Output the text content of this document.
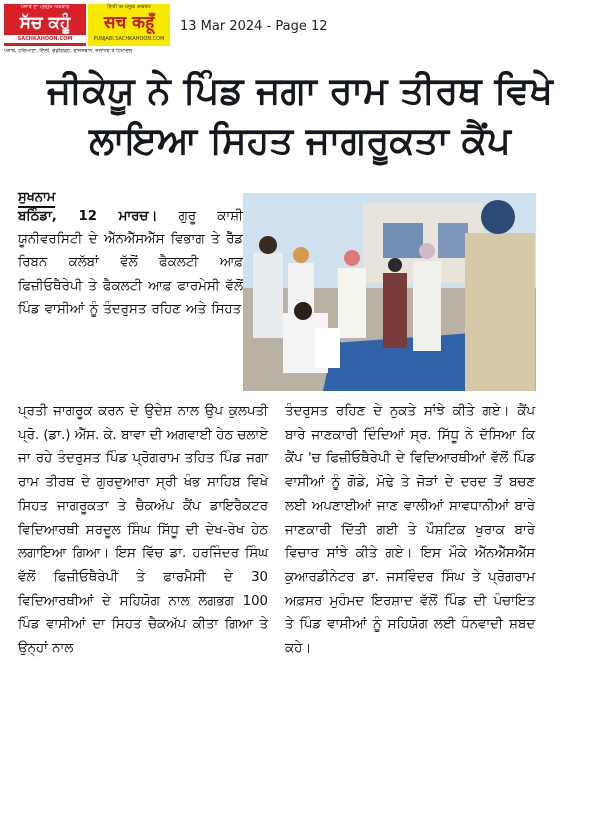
ਪੰਜਾਬ ਦਾ ਪ੍ਰਮੁੱਖ ਅਖ਼ਬਾਰ
ਸੱਚ ਕਹੂੰ
SACHKAHOON.COM
हिन्दी का प्रमुख अखबार
सच कहूँ
PUNJABI.SACHKAHOON.COM
ਪੰਜਾਬ, ਹਰਿਆਣਾ, ਦਿੱਲੀ, ਚੰਡੀਗੜ੍ਹ, ਰਾਜਸਥਾਨ, ਜਲਾਂਧਰ ਤੇ ਹਿਮਾਚਲ
13 Mar 2024 - Page 12
ਜੀਕੇਯੂ ਨੇ ਪਿੰਡ ਜਗਾ ਰਾਮ ਤੀਰਥ ਵਿਖੇ
ਲਾਇਆ ਸਿਹਤ ਜਾਗਰੂਕਤਾ ਕੈਂਪ
ਸੁਖਨਾਮ

ਬਠਿੰਡਾ, 12 ਮਾਰਚ। ਗੁਰੂ ਕਾਸ਼ੀ ਯੂਨੀਵਰਸਿਟੀ ਦੇ ਐੱਨਐੱਸਐੱਸ ਵਿਭਾਗ ਤੇ ਰੈੱਡ ਰਿਬਨ ਕਲੱਬਾਂ ਵੱਲੋਂ ਫੈਕਲਟੀ ਆਫ਼ ਫਿਜ਼ੀਓਥੈਰੇਪੀ ਤੇ ਫੈਕਲਟੀ ਆਫ਼ ਫਾਰਮੇਸੀ ਵੱਲੋਂ ਪਿੰਡ ਵਾਸੀਆਂ ਨੂੰ ਤੰਦਰੁਸਤ ਰਹਿਣ ਅਤੇ ਸਿਹਤ

ਪ੍ਰਤੀ ਜਾਗਰੂਕ ਕਰਨ ਦੇ ਉਦੇਸ਼ ਨਾਲ ਉਪ ਕੁਲਪਤੀ ਪ੍ਰੋ. (ਡਾ.) ਐੱਸ. ਕੇ. ਬਾਵਾ ਦੀ ਅਗਵਾਈ ਹੇਠ ਚਲਾਏ ਜਾ ਰਹੇ ਤੰਦਰੁਸਤ ਪਿੰਡ ਪ੍ਰੋਗਰਾਮ ਤਹਿਤ ਪਿੰਡ ਜਗਾ ਰਾਮ ਤੀਰਥ ਦੇ ਗੁਰਦੁਆਰਾ ਸ੍ਰੀ ਖੰਭ ਸਾਹਿਬ ਵਿਖੇ ਸਿਹਤ ਜਾਗਰੂਕਤਾ ਤੇ ਚੈਕਅੱਪ ਕੈਂਪ ਡਾਇਰੈਕਟਰ ਵਿਦਿਆਰਥੀ ਸਰਦੂਲ ਸਿੰਘ ਸਿੱਧੂ ਦੀ ਦੇਖ-ਰੇਖ ਹੇਠ ਲਗਾਇਆ ਗਿਆ। ਇਸ ਵਿੱਚ ਡਾ. ਹਰਜਿੰਦਰ ਸਿੰਘ ਵੱਲੋਂ ਫਿਜ਼ੀਓਥੈਰੇਪੀ ਤੇ ਫਾਰਮੈਸੀ ਦੇ 30 ਵਿਦਿਆਰਥੀਆਂ ਦੇ ਸਹਿਯੋਗ ਨਾਲ ਲਗਭਗ 100 ਪਿੰਡ ਵਾਸੀਆਂ ਦਾ ਸਿਹਤ ਚੈਕਅੱਪ ਕੀਤਾ ਗਿਆ ਤੇ ਉਨ੍ਹਾਂ ਨਾਲ

ਤੰਦਰੁਸਤ ਰਹਿਣ ਦੇ ਨੁਕਤੇ ਸਾਂਝੇ ਕੀਤੇ ਗਏ। ਕੈਂਪ ਬਾਰੇ ਜਾਣਕਾਰੀ ਦਿੰਦਿਆਂ ਸ੍ਰ. ਸਿੱਧੂ ਨੇ ਦੱਸਿਆ ਕਿ ਕੈਂਪ 'ਚ ਫਿਜ਼ੀਓਥੈਰੇਪੀ ਦੇ ਵਿਦਿਆਰਥੀਆਂ ਵੱਲੋਂ ਪਿੰਡ ਵਾਸੀਆਂ ਨੂੰ ਗੋਡੇ, ਮੋਢੇ ਤੇ ਜੋੜਾਂ ਦੇ ਦਰਦ ਤੋਂ ਬਚਣ ਲਈ ਅਪਣਾਈਆਂ ਜਾਣ ਵਾਲੀਆਂ ਸਾਵਧਾਨੀਆਂ ਬਾਰੇ ਜਾਣਕਾਰੀ ਦਿੱਤੀ ਗਈ ਤੇ ਪੌਸ਼ਟਿਕ ਖੁਰਾਕ ਬਾਰੇ ਵਿਚਾਰ ਸਾਂਝੇ ਕੀਤੇ ਗਏ। ਇਸ ਮੌਕੇ ਐੱਨਐੱਸਐੱਸ ਕੁਆਰਡੀਨੇਟਰ ਡਾ. ਜਸਵਿੰਦਰ ਸਿੰਘ ਤੇ ਪ੍ਰੋਗਰਾਮ ਅਫ਼ਸਰ ਮੁਹੰਮਦ ਇਰਸ਼ਾਦ ਵੱਲੋਂ ਪਿੰਡ ਦੀ ਪੰਚਾਇਤ ਤੇ ਪਿੰਡ ਵਾਸੀਆਂ ਨੂੰ ਸਹਿਯੋਗ ਲਈ ਧੰਨਵਾਦੀ ਸ਼ਬਦ ਕਹੇ।
